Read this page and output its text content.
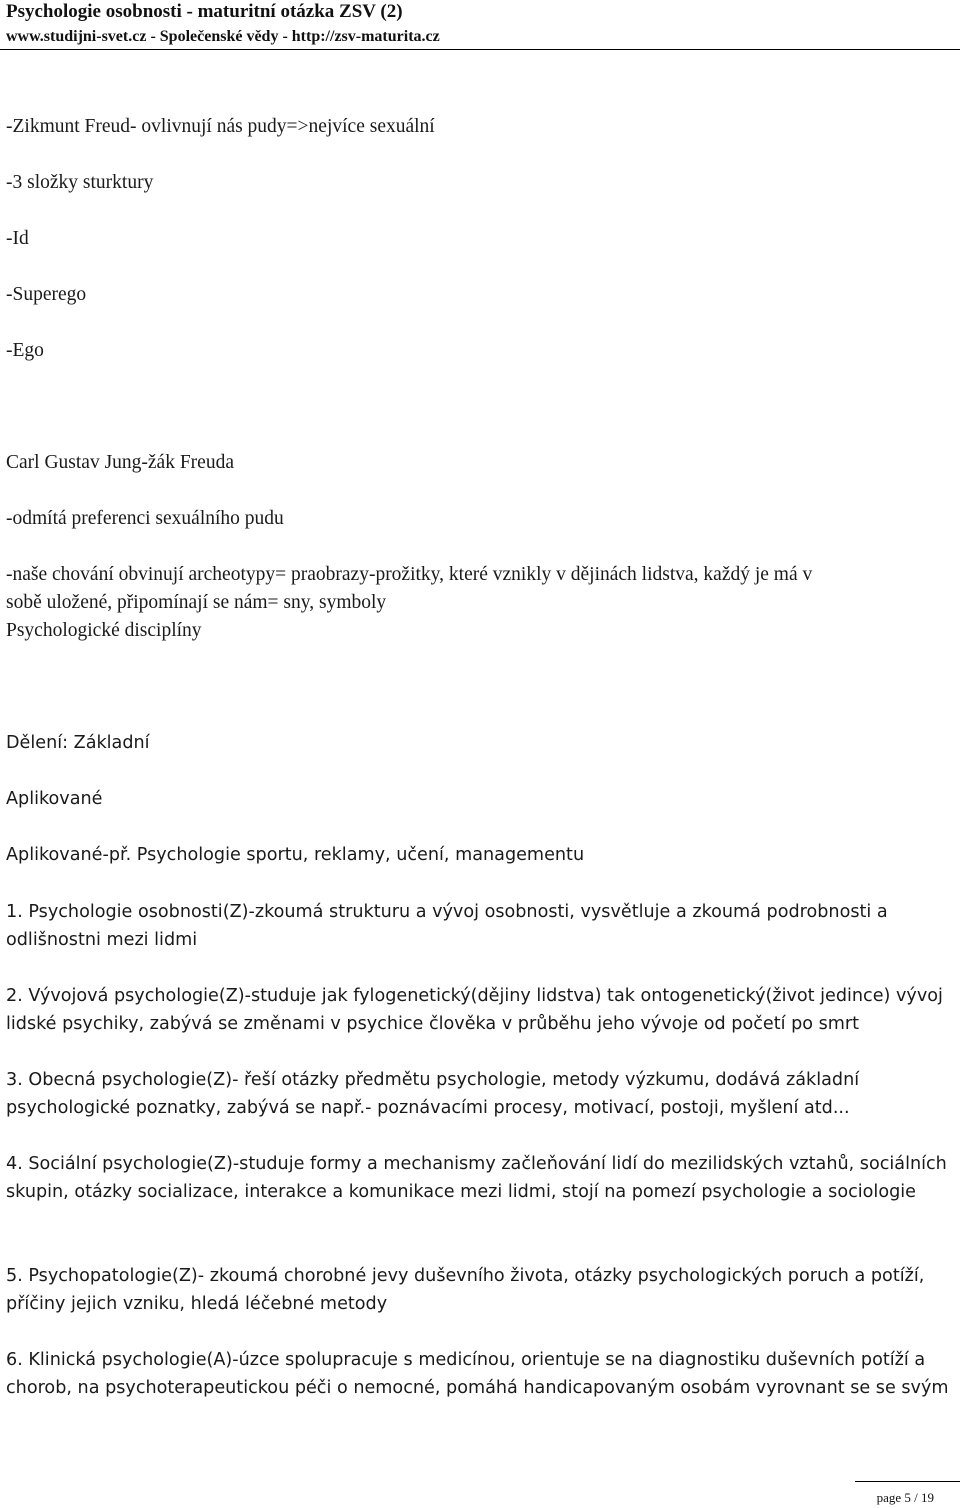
Psychologie osobnosti - maturitní otázka ZSV (2)
www.studijni-svet.cz - Společenské vědy - http://zsv-maturita.cz

-Zikmunt Freud- ovlivnují nás pudy=>nejvíce sexuální

-3 složky sturktury

-Id

-Superego

-Ego

Carl Gustav Jung-žák Freuda

-odmítá preferenci sexuálního pudu

-naše chování obvinují archeotypy= praobrazy-prožitky, které vznikly v dějinách lidstva, každý je má v

sobě uložené, připomínají se nám= sny, symboly

Psychologické disciplíny

Dělení: Základní

Aplikované

Aplikované-př. Psychologie sportu, reklamy, učení, managementu

1. Psychologie osobnosti(Z)-zkoumá strukturu a vývoj osobnosti, vysvětluje a zkoumá podrobnosti a odlišnostni mezi lidmi

2. Vývojová psychologie(Z)-studuje jak fylogenetický(dějiny lidstva) tak ontogenetický(život jedince) vývoj lidské psychiky, zabývá se změnami v psychice člověka v průběhu jeho vývoje od početí po smrt

3. Obecná psychologie(Z)- řeší otázky předmětu psychologie, metody výzkumu, dodává základní psychologické poznatky, zabývá se např.- poznávacími procesy, motivací, postoji, myšlení atd...

4. Sociální psychologie(Z)-studuje formy a mechanismy začleňování lidí do mezilidských vztahů, sociálních skupin, otázky socializace, interakce a komunikace mezi lidmi, stojí na pomezí psychologie a sociologie

5. Psychopatologie(Z)- zkoumá chorobné jevy duševního života, otázky psychologických poruch a potíží, příčiny jejich vzniku, hledá léčebné metody

6. Klinická psychologie(A)-úzce spolupracuje s medicínou, orientuje se na diagnostiku duševních potíží a chorob, na psychoterapeutickou péči o nemocné, pomáhá handicapovaným osobám vyrovnant se se svým

page 5 / 19
